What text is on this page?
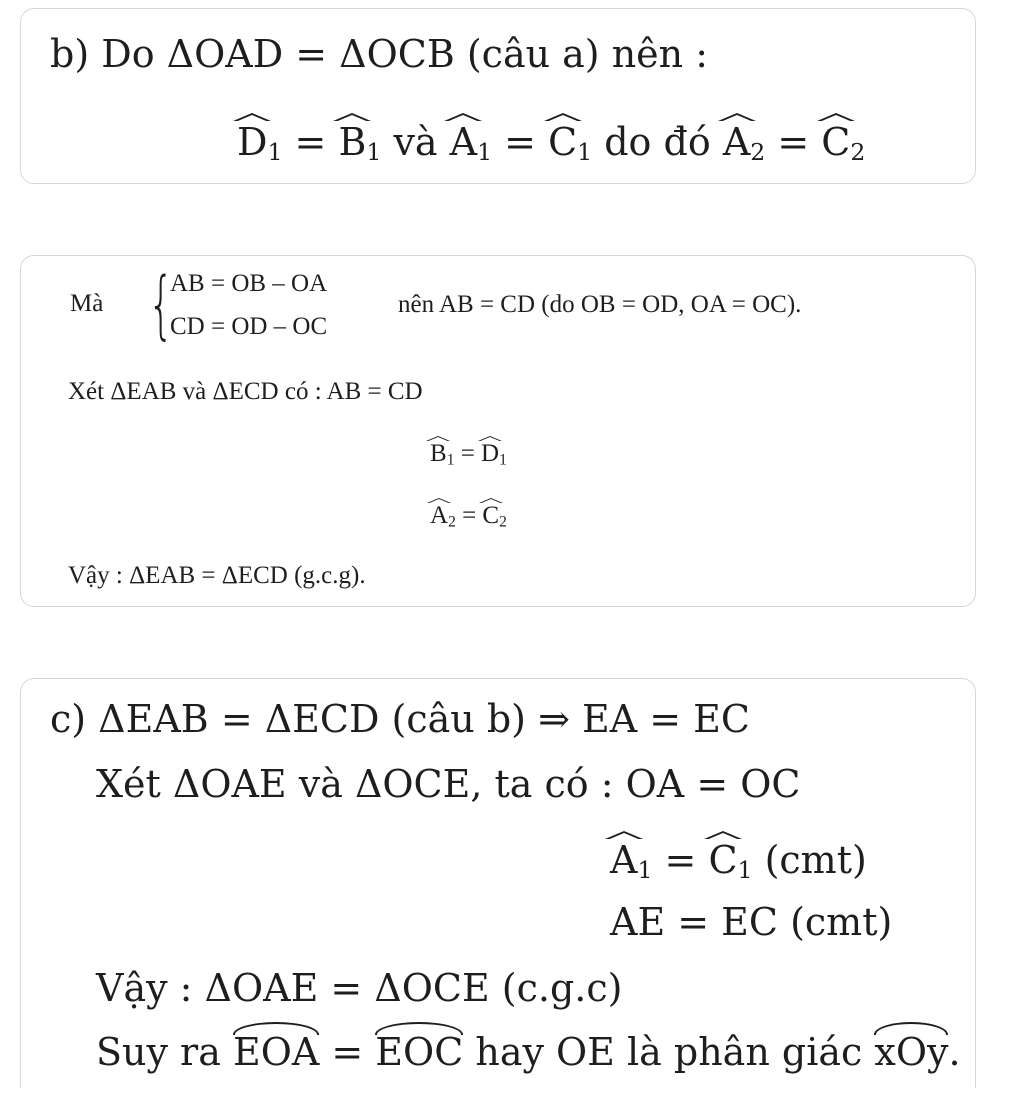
b) Do ΔOAD = ΔOCB (câu a) nên :
$D_1 = B_1$ và $A_1 = C_1$ do đó $A_2 = C_2$
Mà {
AB = OB – OA
CD = OD – OC
nên AB = CD (do OB = OD, OA = OC).
Xét ΔEAB và ΔECD có : AB = CD
$B_1 = D_1$
$A_2 = C_2$
Vậy : ΔEAB = ΔECD (g.c.g).
c) ΔEAB = ΔECD (câu b) ⇒ EA = EC
Xét ΔOAE và ΔOCE, ta có : OA = OC
$A_1 = C_1$ (cmt)
AE = EC (cmt)
Vậy : ΔOAE = ΔOCE (c.g.c)
Suy ra
EOA =
EOC hay OE là phân giác
xOy.
